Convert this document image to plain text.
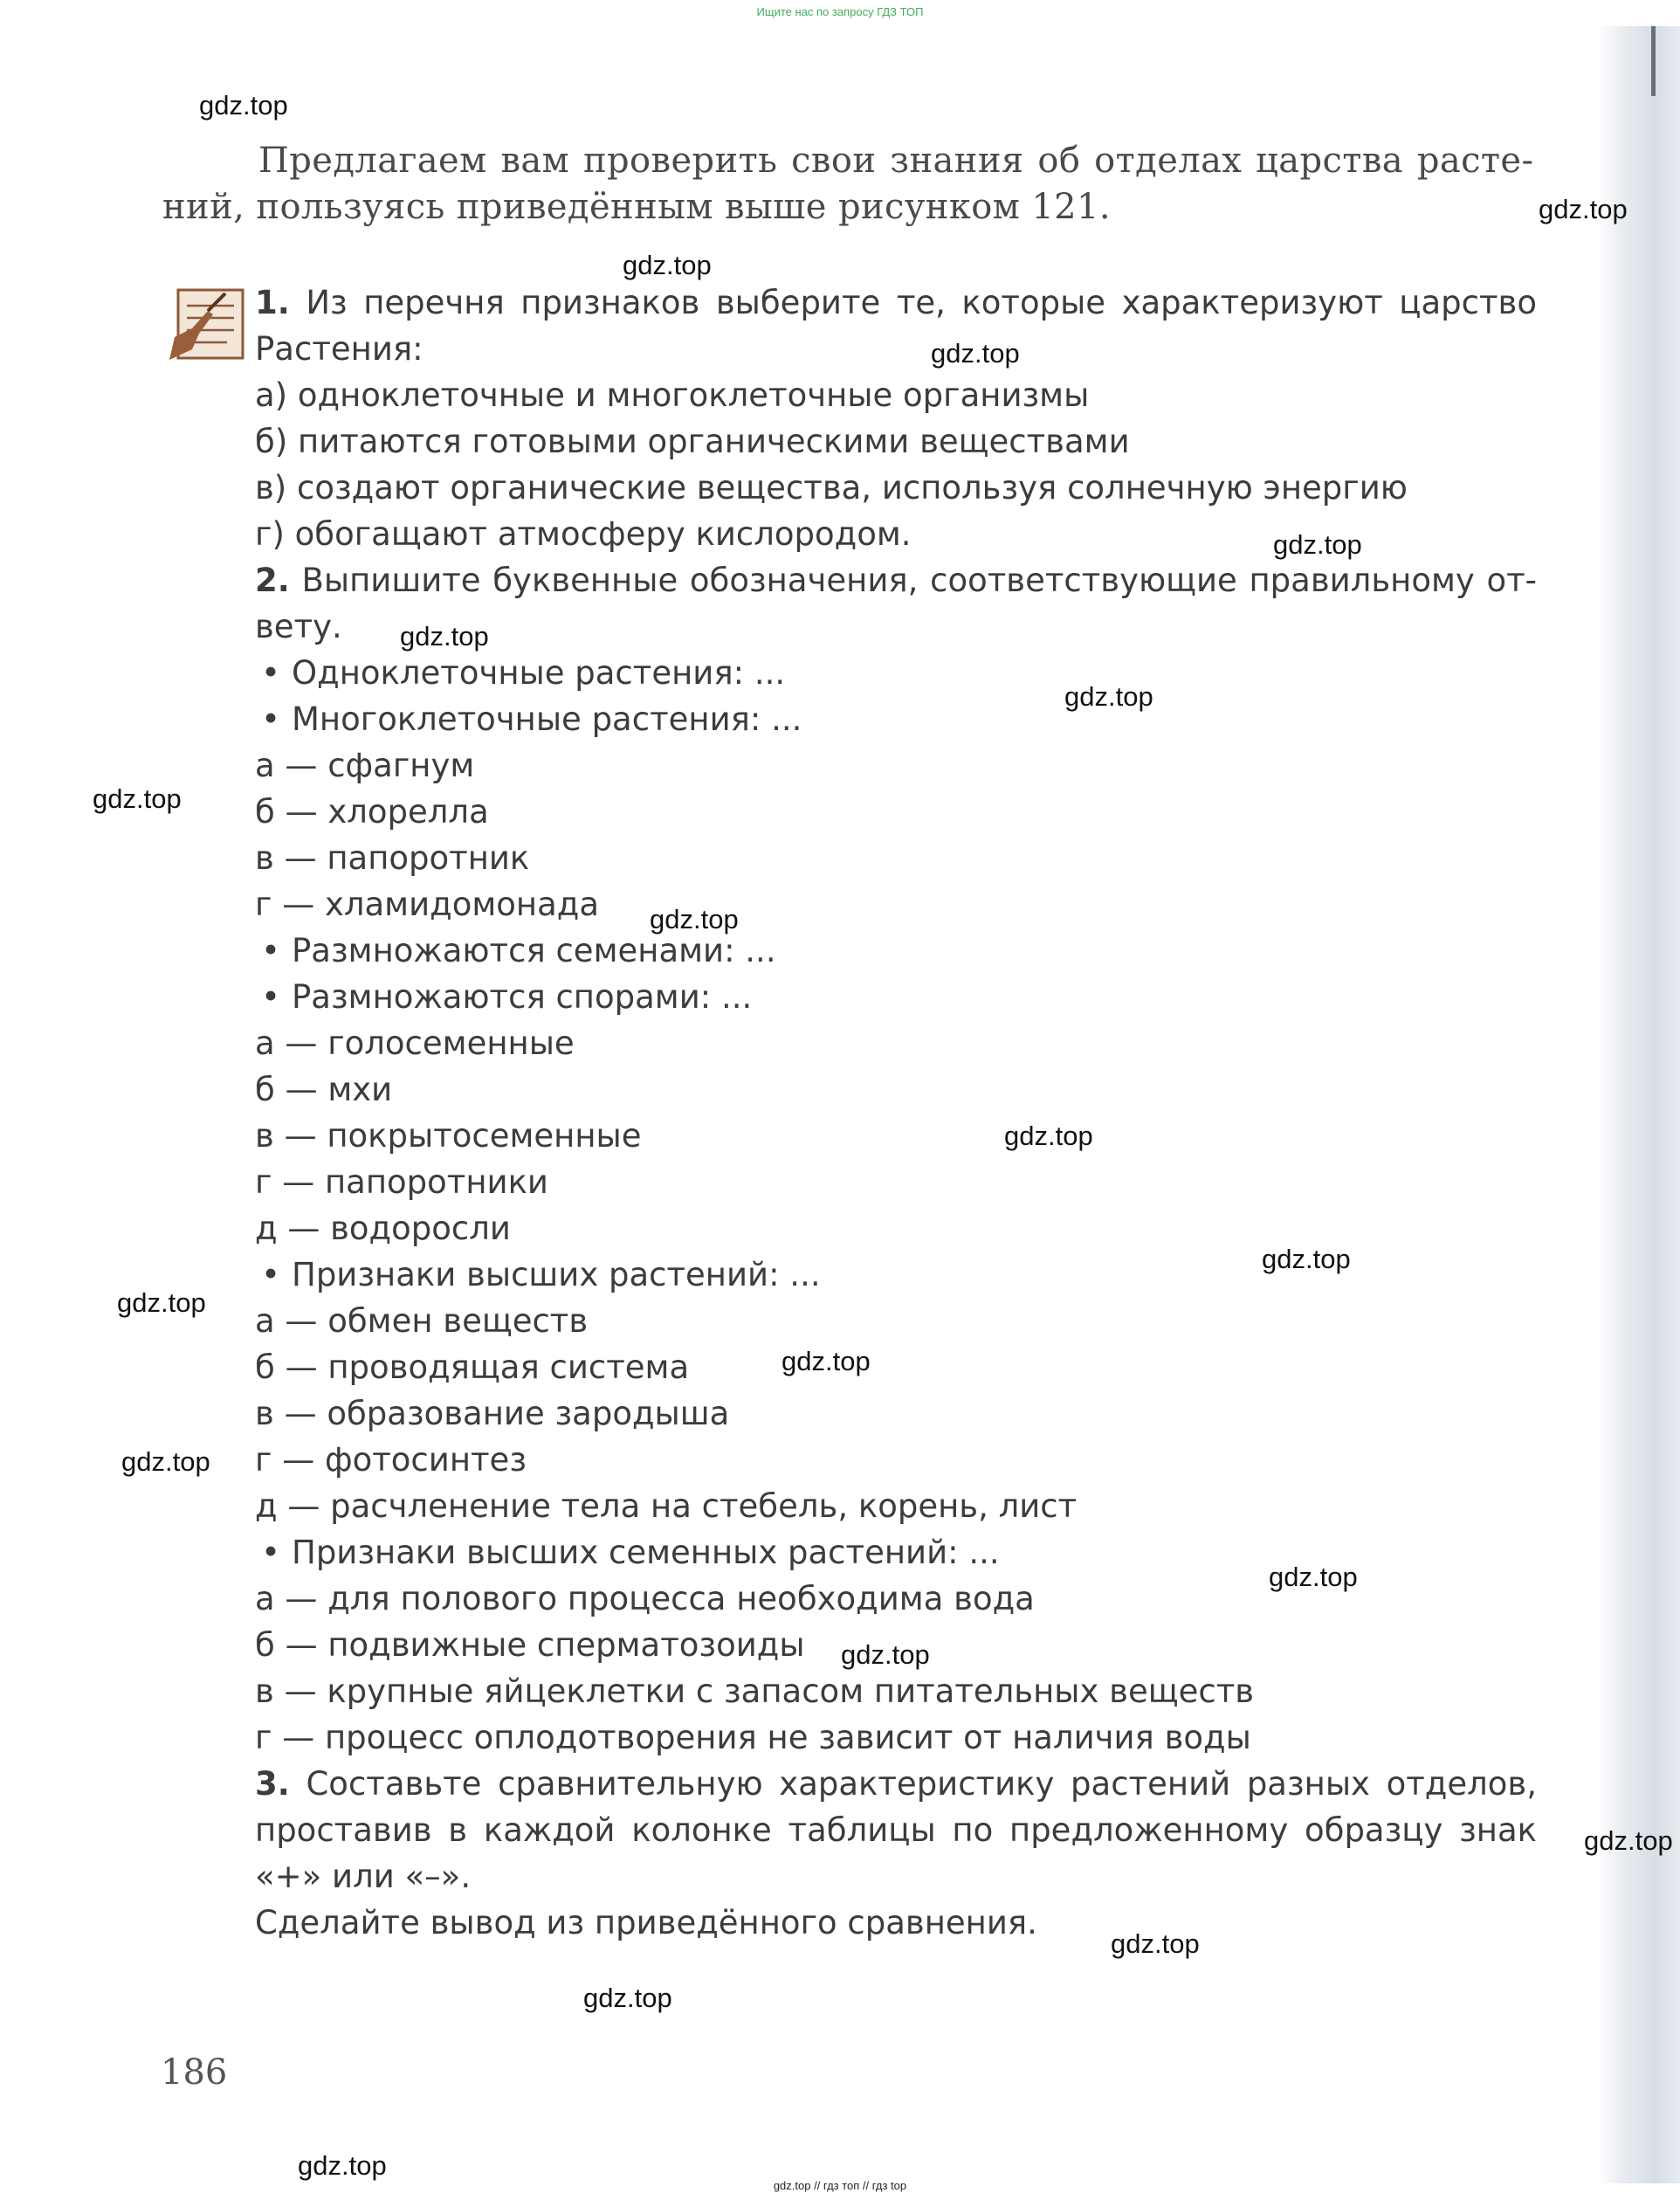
Ищите нас по запросу ГДЗ ТОП
Предлагаем вам проверить свои знания об отделах царства растений, пользуясь приведённым выше рисунком 121.
1. Из перечня признаков выберите те, которые характеризуют царство Растения:
а) одноклеточные и многоклеточные организмы
б) питаются готовыми органическими веществами
в) создают органические вещества, используя солнечную энергию
г) обогащают атмосферу кислородом.
2. Выпишите буквенные обозначения, соответствующие правильному ответу.
• Одноклеточные растения: ...
• Многоклеточные растения: ...
а — сфагнум
б — хлорелла
в — папоротник
г — хламидомонада
• Размножаются семенами: ...
• Размножаются спорами: ...
а — голосеменные
б — мхи
в — покрытосеменные
г — папоротники
д — водоросли
• Признаки высших растений: ...
а — обмен веществ
б — проводящая система
в — образование зародыша
г — фотосинтез
д — расчленение тела на стебель, корень, лист
• Признаки высших семенных растений: ...
а — для полового процесса необходима вода
б — подвижные сперматозоиды
в — крупные яйцеклетки с запасом питательных веществ
г — процесс оплодотворения не зависит от наличия воды
3. Составьте сравнительную характеристику растений разных отделов, проставив в каждой колонке таблицы по предложенному образцу знак «+» или «–».
Сделайте вывод из приведённого сравнения.
186
gdz.top
gdz.top
gdz.top
gdz.top
gdz.top
gdz.top
gdz.top
gdz.top
gdz.top
gdz.top
gdz.top
gdz.top
gdz.top
gdz.top
gdz.top
gdz.top
gdz.top
gdz.top
gdz.top
gdz.top
gdz.top // гдз топ // гдз top
